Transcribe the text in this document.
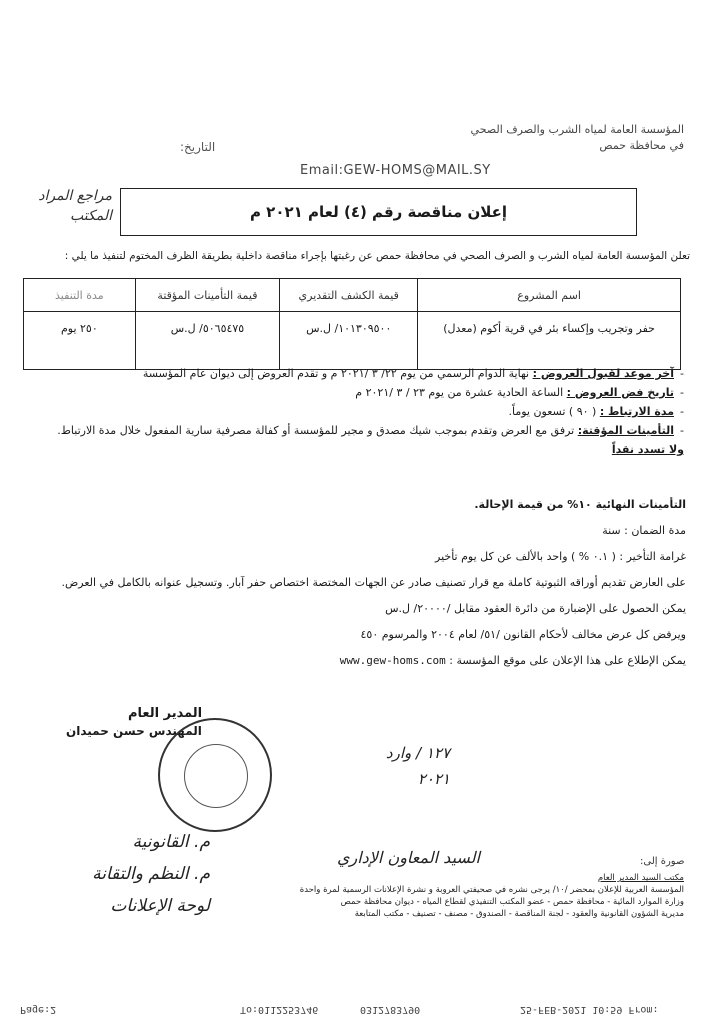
المؤسسة العامة لمياه الشرب والصرف الصحي
في محافظة حمص
التاريخ:
Email:GEW-HOMS@MAIL.SY
مراجع المراد
المكتب	إعلان مناقصة رقم (٤) لعام ٢٠٢١ م
تعلن المؤسسة العامة لمياه الشرب و الصرف الصحي في محافظة حمص عن رغبتها بإجراء مناقصة داخلية بطريقة الظرف المختوم لتنفيذ ما يلي :
اسم المشروع	قيمة الكشف التقديري	قيمة التأمينات المؤقتة	مدة التنفيذ
حفر وتجريب وإكساء بئر في قرية أكوم (معدل)	١٠١٣٠٩٥٠٠/ ل.س	٥٠٦٥٤٧٥/ ل.س	٢٥٠ يوم
-آخر موعد لقبول العروض : نهاية الدوام الرسمي من يوم ٢٢/ ٣ /٢٠٢١ م و تقدم العروض إلى ديوان عام المؤسسة
-تاريخ فض العروض : الساعة الحادية عشرة من يوم ٢٣ / ٣ /٢٠٢١ م
-مدة الارتباط : ( ٩٠ ) تسعون يوماً.
-التأمينات المؤقتة: ترفق مع العرض وتقدم بموجب شيك مصدق و مجير للمؤسسة أو كفالة مصرفية سارية المفعول خلال مدة الارتباط. ولا تسدد نقداً
التأمينات النهائية ١٠% من قيمة الإحالة.
مدة الضمان : سنة
غرامة التأخير : ( ٠.١ % ) واحد بالألف عن كل يوم تأخير
على العارض تقديم أوراقه الثبوتية كاملة مع قرار تصنيف صادر عن الجهات المختصة اختصاص حفر آبار. وتسجيل عنوانه بالكامل في العرض.
يمكن الحصول على الإضبارة من دائرة العقود مقابل /٢٠٠٠٠/ ل.س
ويرفض كل عرض مخالف لأحكام القانون /٥١/ لعام ٢٠٠٤ والمرسوم ٤٥٠
يمكن الإطلاع على هذا الإعلان على موقع المؤسسة : www.gew-homs.com
المدير العام
المهندس حسن حميدان
١٢٧ / وارد
٢٠٢١
السيد المعاون الإداري
م. القانونية
م. النظم والتقانة
لوحة الإعلانات
صورة إلى:
مكتب السيد المدير العام
المؤسسة العربية للإعلان بمحضر /١٠/ يرجى نشره في صحيفتي العروبة و نشرة الإعلانات الرسمية لمرة واحدة
وزارة الموارد المائية - محافظة حمص - عضو المكتب التنفيذي لقطاع المياه - ديوان محافظة حمص
مديرية الشؤون القانونية والعقود - لجنة المناقصة - الصندوق - مصنف - تصنيف - مكتب المتابعة
Page:2	To:0112253746	0312783790	25-FEB-2021 10:59 From:
